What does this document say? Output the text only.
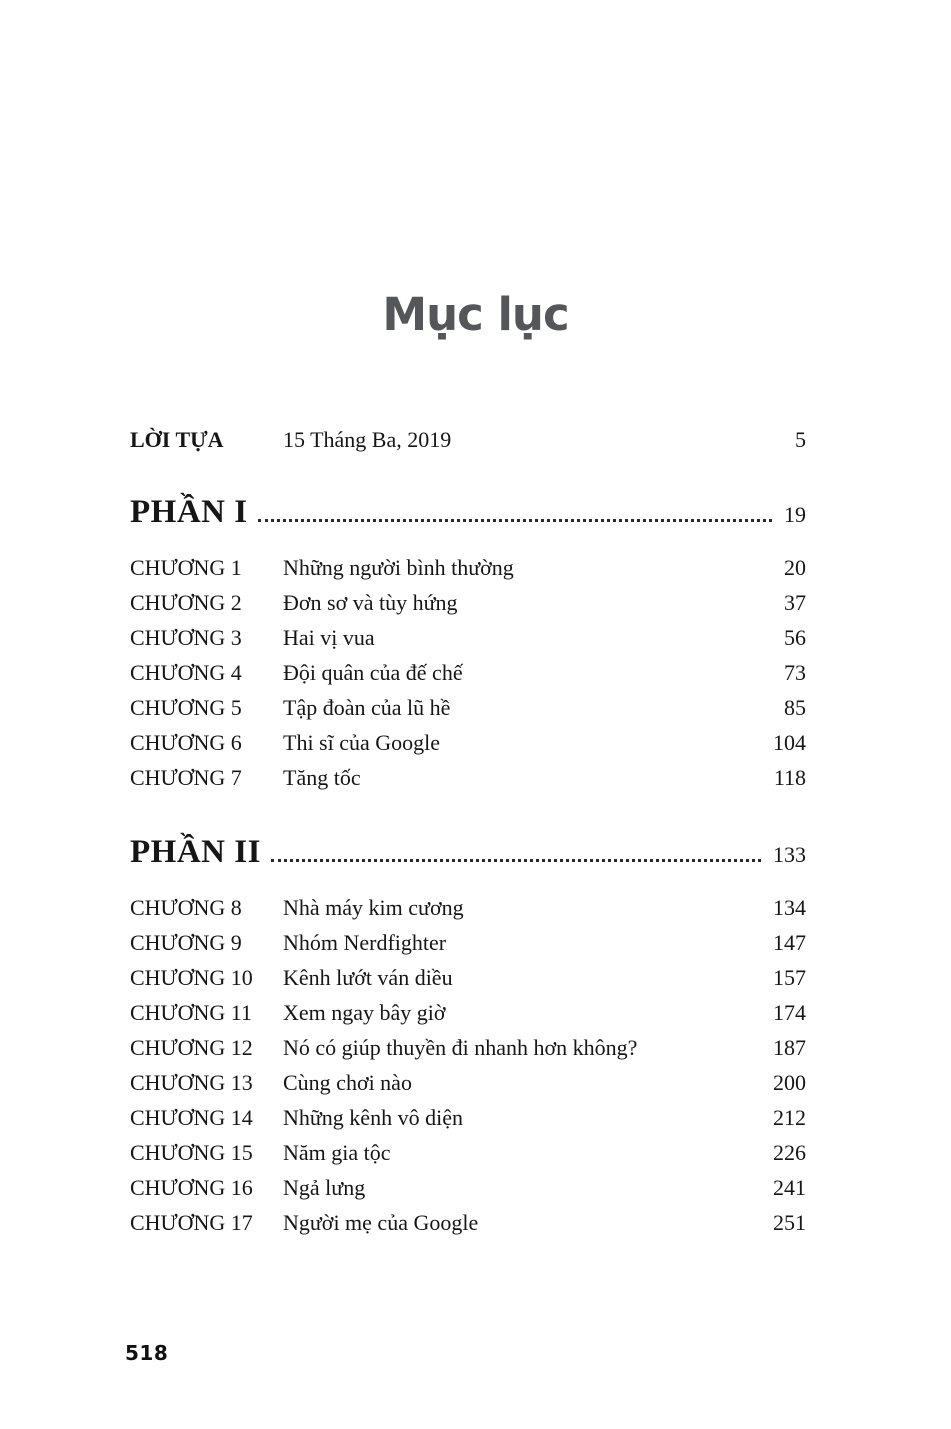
Mục lục
LỜI TỰA	15 Tháng Ba, 2019	5
PHẦN I	19
CHƯƠNG 1	Những người bình thường	20
CHƯƠNG 2	Đơn sơ và tùy hứng	37
CHƯƠNG 3	Hai vị vua	56
CHƯƠNG 4	Đội quân của đế chế	73
CHƯƠNG 5	Tập đoàn của lũ hề	85
CHƯƠNG 6	Thi sĩ của Google	104
CHƯƠNG 7	Tăng tốc	118
PHẦN II	133
CHƯƠNG 8	Nhà máy kim cương	134
CHƯƠNG 9	Nhóm Nerdfighter	147
CHƯƠNG 10	Kênh lướt ván diều	157
CHƯƠNG 11	Xem ngay bây giờ	174
CHƯƠNG 12	Nó có giúp thuyền đi nhanh hơn không?	187
CHƯƠNG 13	Cùng chơi nào	200
CHƯƠNG 14	Những kênh vô diện	212
CHƯƠNG 15	Năm gia tộc	226
CHƯƠNG 16	Ngả lưng	241
CHƯƠNG 17	Người mẹ của Google	251
518
